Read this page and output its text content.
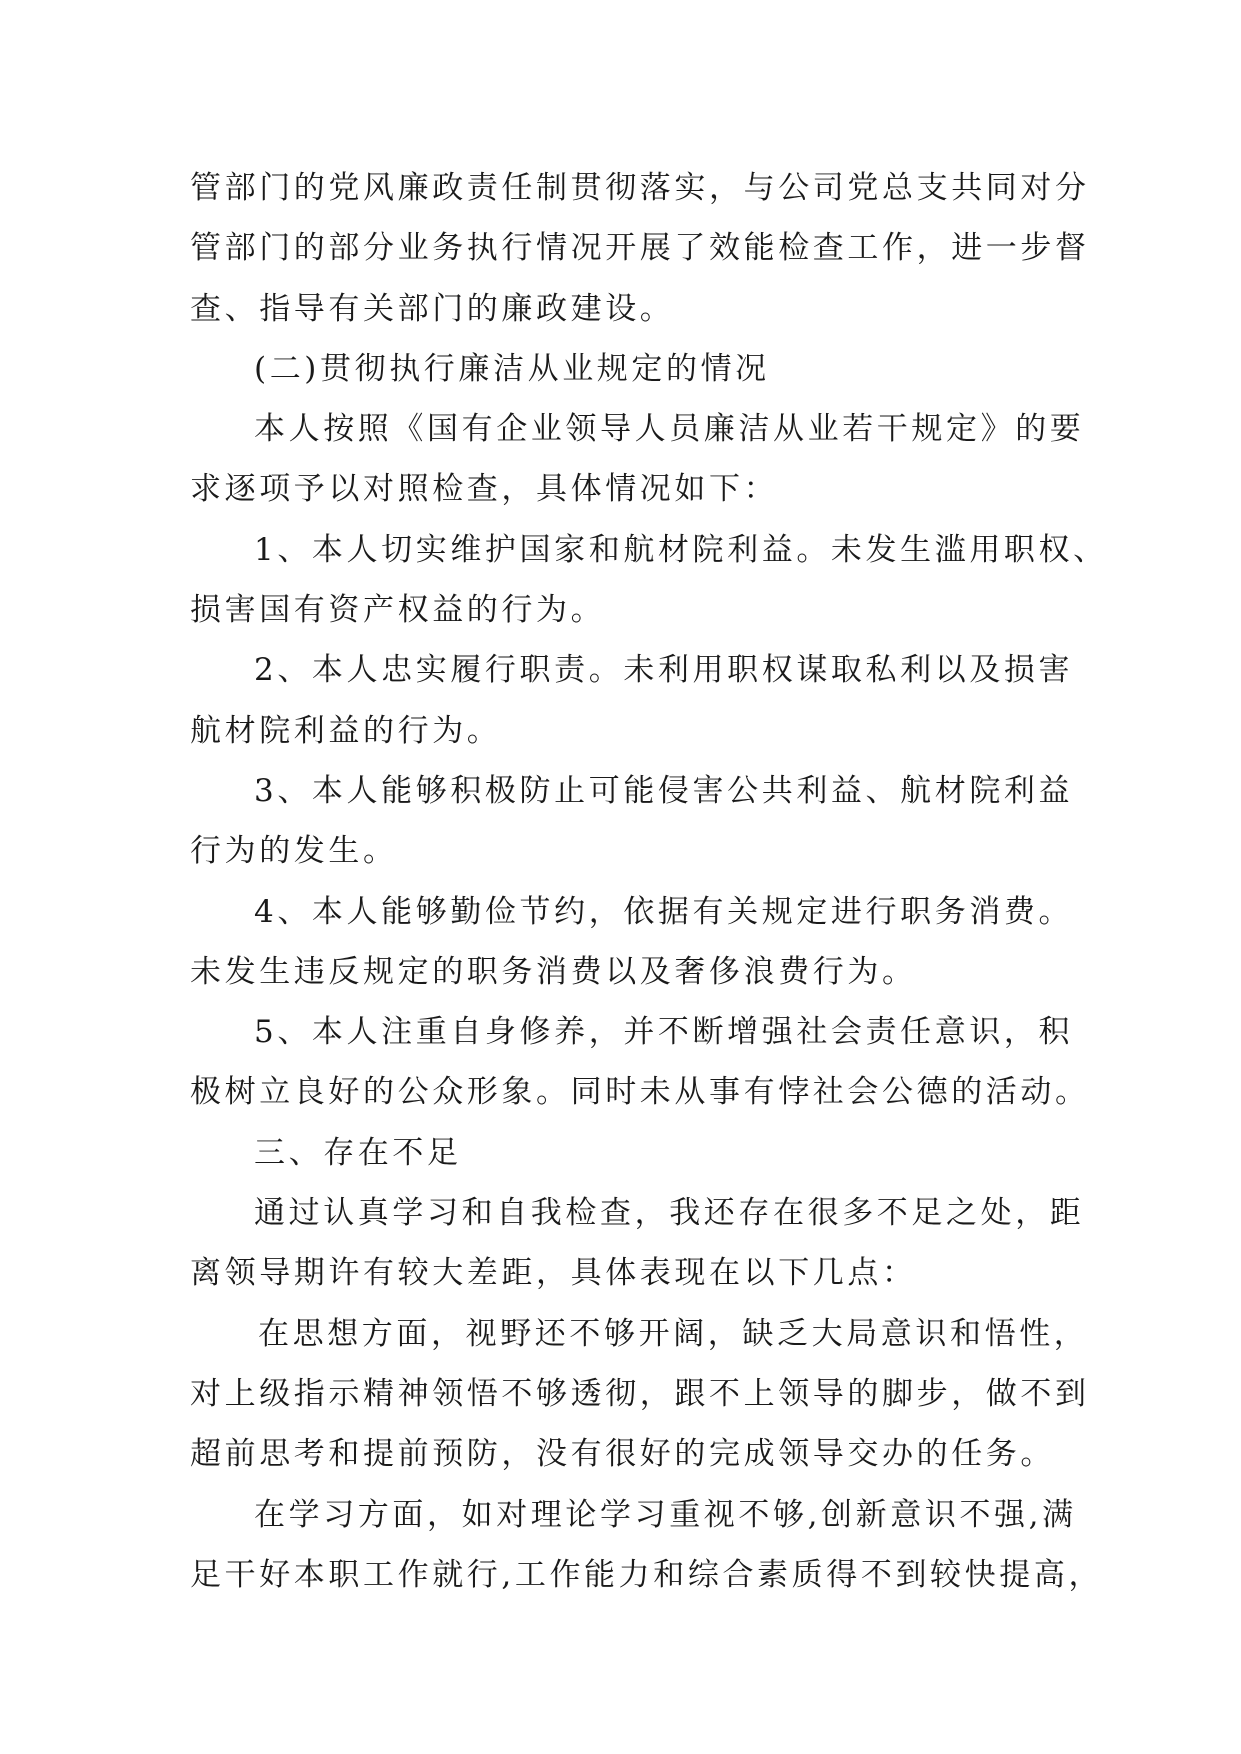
管部门的党风廉政责任制贯彻落实，与公司党总支共同对分
管部门的部分业务执行情况开展了效能检查工作，进一步督
查、指导有关部门的廉政建设。
(二)贯彻执行廉洁从业规定的情况
本人按照《国有企业领导人员廉洁从业若干规定》的要
求逐项予以对照检查，具体情况如下：
1、本人切实维护国家和航材院利益。未发生滥用职权、
损害国有资产权益的行为。
2、本人忠实履行职责。未利用职权谋取私利以及损害
航材院利益的行为。
3、本人能够积极防止可能侵害公共利益、航材院利益
行为的发生。
4、本人能够勤俭节约，依据有关规定进行职务消费。
未发生违反规定的职务消费以及奢侈浪费行为。
5、本人注重自身修养，并不断增强社会责任意识，积
极树立良好的公众形象。同时未从事有悖社会公德的活动。
三、存在不足
通过认真学习和自我检查，我还存在很多不足之处，距
离领导期许有较大差距，具体表现在以下几点：
在思想方面，视野还不够开阔，缺乏大局意识和悟性，
对上级指示精神领悟不够透彻，跟不上领导的脚步，做不到
超前思考和提前预防，没有很好的完成领导交办的任务。
在学习方面，如对理论学习重视不够,创新意识不强,满
足干好本职工作就行,工作能力和综合素质得不到较快提高，
